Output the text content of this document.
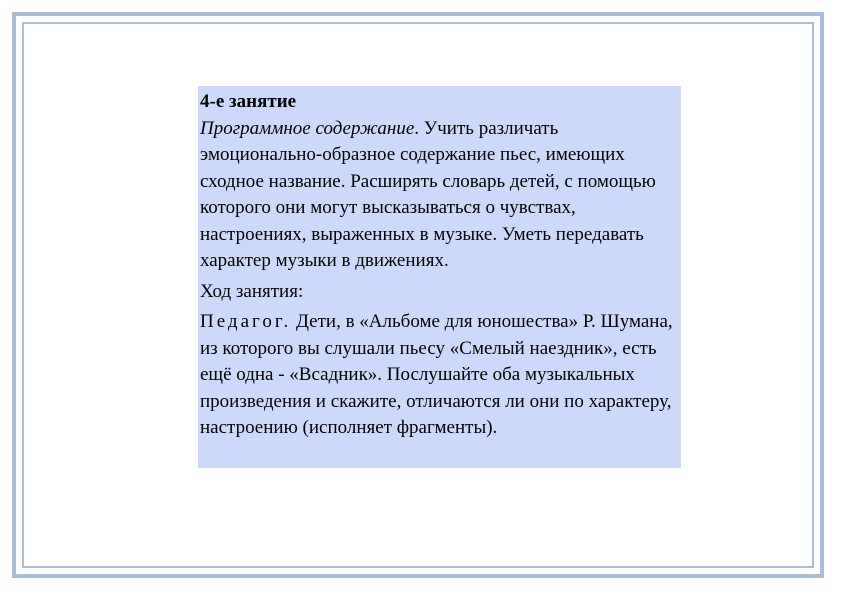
4-е занятие

Программное содержание. Учить различать эмоционально-образное содержание пьес, имеющих сходное название. Расширять словарь детей, с помощью которого они могут высказываться о чувствах, настроениях, выраженных в музыке. Уметь передавать характер музыки в движениях.

Ход занятия:

Педагог. Дети, в «Альбоме для юношества» Р. Шумана, из которого вы слушали пьесу «Смелый наездник», есть ещё одна - «Всадник». Послушайте оба музыкальных произведения и скажите, отличаются ли они по характеру, настроению (исполняет фрагменты).
